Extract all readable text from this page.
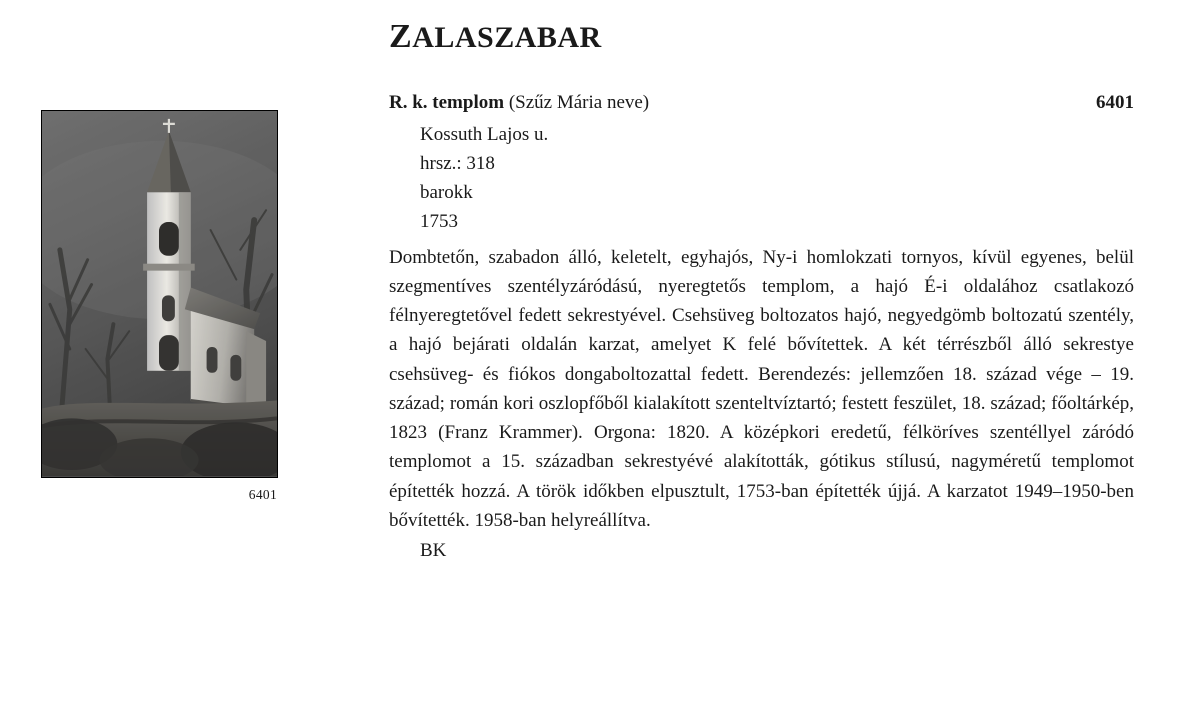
6401
ZALASZABAR
R. k. templom (Szűz Mária neve)	6401
Kossuth Lajos u.
hrsz.: 318
barokk
1753

Dombtetőn, szabadon álló, keletelt, egyhajós, Ny-i homlokzati tornyos, kívül egyenes, belül szegmentíves szentélyzáródású, nyeregtetős templom, a hajó É-i oldalához csatlakozó félnyeregtetővel fedett sekrestyével. Csehsüveg boltozatos hajó, negyedgömb boltozatú szentély, a hajó bejárati oldalán karzat, amelyet K felé bővítettek. A két térrészből álló sekrestye csehsüveg- és fiókos dongaboltozattal fedett. Berendezés: jellemzően 18. század vége – 19. század; román kori oszlopfőből kialakított szenteltvíztartó; festett feszület, 18. század; főoltárkép, 1823 (Franz Krammer). Orgona: 1820. A középkori eredetű, félköríves szentéllyel záródó templomot a 15. században sekrestyévé alakították, gótikus stílusú, nagyméretű templomot építették hozzá. A török időkben elpusztult, 1753-ban építették újjá. A karzatot 1949–1950-ben bővítették. 1958-ban helyreállítva.

BK
